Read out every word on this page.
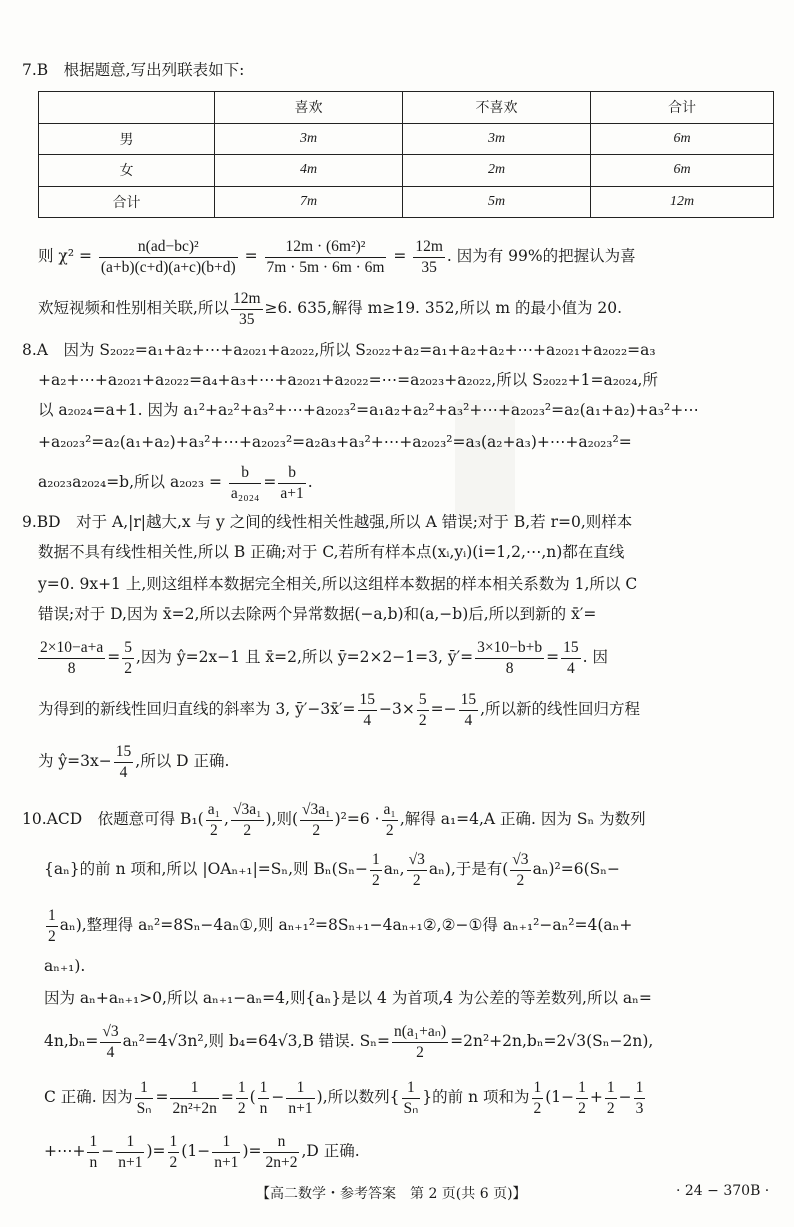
7.B　根据题意,写出列联表如下:
	喜欢	不喜欢	合计
男	3m	3m	6m
女	4m	2m	6m
合计	7m	5m	12m
则 $\chi^2 = \frac{\text{n(ad−bc)²}}{(a+b)(c+d)(a+c)(b+d)} = \frac{\text{12m · (6m²)²}}{7m \cdot 5m \cdot 6m \cdot 6m} = \frac{12m}{35}$ . 因为有 99%的把握认为喜
欢短视频和性别相关联,所以 $\frac{12m}{35} \ge 6$. 635,解得 m≥19. 352,所以 m 的最小值为 20.
8.A　因为 S₂₀₂₂=a₁+a₂+⋯+a₂₀₂₁+a₂₀₂₂,所以 S₂₀₂₂+a₂=a₁+a₂+a₂+⋯+a₂₀₂₁+a₂₀₂₂=a₃
+a₂+⋯+a₂₀₂₁+a₂₀₂₂=a₄+a₃+⋯+a₂₀₂₁+a₂₀₂₂=⋯=a₂₀₂₃+a₂₀₂₂,所以 S₂₀₂₂+1=a₂₀₂₄,所
以 a₂₀₂₄=a+1. 因为 a₁²+a₂²+a₃²+⋯+a₂₀₂₃²=a₁a₂+a₂²+a₃²+⋯+a₂₀₂₃²=a₂(a₁+a₂)+a₃²+⋯
+a₂₀₂₃²=a₂(a₁+a₂)+a₃²+⋯+a₂₀₂₃²=a₂a₃+a₃²+⋯+a₂₀₂₃²=a₃(a₂+a₃)+⋯+a₂₀₂₃²=
a₂₀₂₃a₂₀₂₄=b,所以 $a_{2023} = \frac{b}{\text{a₂₀₂₄}} = \frac{b}{a+1}$ .
9.BD　对于 A,|r|越大,x 与 y 之间的线性相关性越强,所以 A 错误;对于 B,若 r=0,则样本
数据不具有线性相关性,所以 B 正确;对于 C,若所有样本点(xᵢ,yᵢ)(i=1,2,⋯,n)都在直线
y=0. 9x+1 上,则这组样本数据完全相关,所以这组样本数据的样本相关系数为 1,所以 C
错误;对于 D,因为 x̄=2,所以去除两个异常数据(−a,b)和(a,−b)后,所以到新的 x̄′=
$\frac{2\times 10-a+a}{8} = \frac{5}{2}$ ,因为 ŷ=2x−1 且 x̄=2,所以 ȳ=2×2−1=3, ȳ′= $\frac{3\times 10-b+b}{8} = \frac{15}{4}$ . 因
为得到的新线性回归直线的斜率为 3, ȳ′−3x̄′= $\frac{15}{4} -3\times \frac{5}{2} =- \frac{15}{4}$ ,所以新的线性回归方程
为 ŷ=3x− $\frac{15}{4}$ ,所以 D 正确.
10.ACD　依题意可得 $B_1( \frac{\text{a₁}}{2}$ , $\frac{\text{√3a₁}}{2}$ ),则( $\frac{\text{√3a₁}}{2} )^2=6 \cdot \frac{\text{a₁}}{2}$ ,解得 a₁=4,A 正确. 因为 Sₙ 为数列
{aₙ}的前 n 项和,所以 |OAₙ₊₁|=Sₙ,则 $B_n(S_n- \frac{1}{2} a_n$, $\frac{√3}{2} a_n$),于是有( $\frac{√3}{2} a_n)^2=6(S_n-$
$\frac{1}{2} a_n$),整理得 aₙ²=8Sₙ−4aₙ①,则 aₙ₊₁²=8Sₙ₊₁−4aₙ₊₁②,②−①得 aₙ₊₁²−aₙ²=4(aₙ+
aₙ₊₁).
因为 aₙ+aₙ₊₁>0,所以 aₙ₊₁−aₙ=4,则{aₙ}是以 4 为首项,4 为公差的等差数列,所以 aₙ=
$4n,b_n= \frac{√3}{4} a_n^2=4√3n^2$,则 b₄=64√3,B 错误. $S_n= \frac{\text{n(a₁+aₙ)}}{2} =2n^2+2n,b_n=2√3(S_n-2n)$,
C 正确. 因为 $\frac{1}{\text{Sₙ}} = \frac{1}{\text{2n²+2n}} = \frac{1}{2}$ ( $\frac{1}{n} - \frac{1}{n+1}$ ),所以数列{ $\frac{1}{\text{Sₙ}}$ }的前 n 项和为 $\frac{1}{2} (1- \frac{1}{2} + \frac{1}{2} - \frac{1}{3}$
+⋯+ $\frac{1}{n} - \frac{1}{n+1}$ )= $\frac{1}{2} (1- \frac{1}{n+1}$ )= $\frac{n}{2n+2} ,D$ 正确.
【高二数学・参考答案　第 2 页(共 6 页)】	· 24 − 370B ·
